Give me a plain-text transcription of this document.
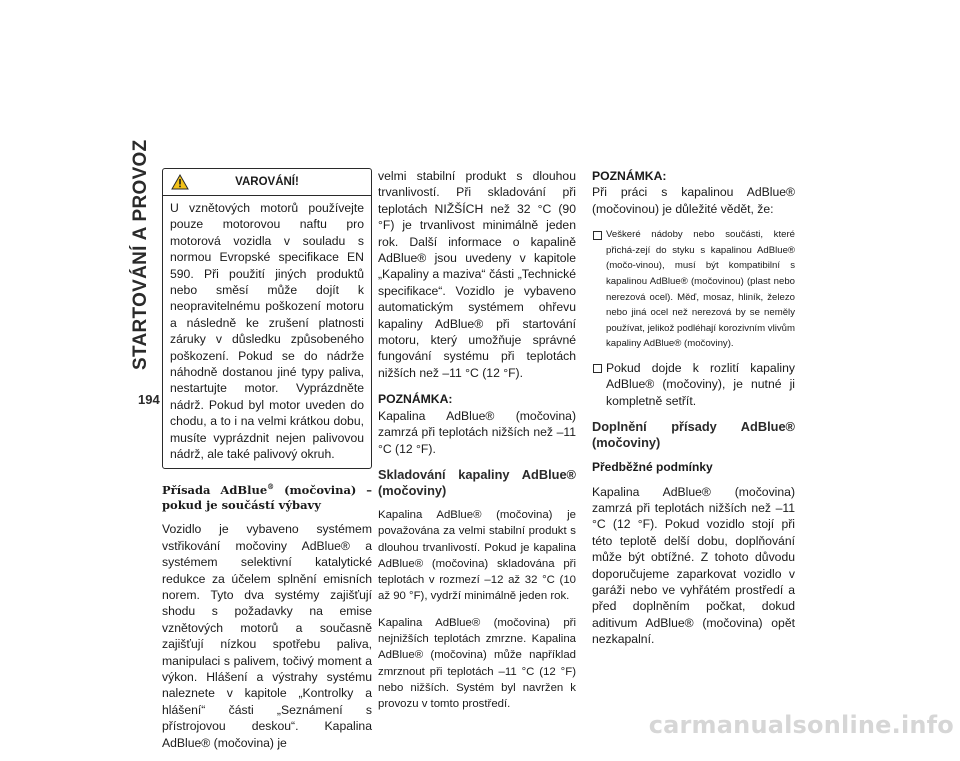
STARTOVÁNÍ A PROVOZ
194
VAROVÁNÍ!
U vznětových motorů používejte pouze motorovou naftu pro motorová vozidla v souladu s normou Evropské specifikace EN 590. Při použití jiných produktů nebo směsí může dojít k neopravitelnému poškození motoru a následně ke zrušení platnosti záruky v důsledku způsobeného poškození. Pokud se do nádrže náhodně dostanou jiné typy paliva, nestartujte motor. Vyprázdněte nádrž. Pokud byl motor uveden do chodu, a to i na velmi krátkou dobu, musíte vyprázdnit nejen palivovou nádrž, ale také palivový okruh.
Přísada AdBlue® (močovina) – pokud je součástí výbavy

Vozidlo je vybaveno systémem vstřikování močoviny AdBlue® a systémem selektivní katalytické redukce za účelem splnění emisních norem. Tyto dva systémy zajišťují shodu s požadavky na emise vznětových motorů a současně zajišťují nízkou spotřebu paliva, manipulaci s palivem, točivý moment a výkon. Hlášení a výstrahy systému naleznete v kapitole „Kontrolky a hlášení“ části „Seznámení s přístrojovou deskou“. Kapalina AdBlue® (močovina) je

velmi stabilní produkt s dlouhou trvanlivostí. Při skladování při teplotách NIŽŠÍCH než 32 °C (90 °F) je trvanlivost minimálně jeden rok. Další informace o kapalině AdBlue® jsou uvedeny v kapitole „Kapaliny a maziva“ části „Technické specifikace“. Vozidlo je vybaveno automatickým systémem ohřevu kapaliny AdBlue® při startování motoru, který umožňuje správné fungování systému při teplotách nižších než –11 °C (12 °F).

POZNÁMKA:

Kapalina AdBlue® (močovina) zamrzá při teplotách nižších než –11 °C (12 °F).

Skladování kapaliny AdBlue® (močoviny)

Kapalina AdBlue® (močovina) je považována za velmi stabilní produkt s dlouhou trvanlivostí. Pokud je kapalina AdBlue® (močovina) skladována při teplotách v rozmezí –12 až 32 °C (10 až 90 °F), vydrží minimálně jeden rok.

Kapalina AdBlue® (močovina) při nejnižších teplotách zmrzne. Kapalina AdBlue® (močovina) může například zmrznout při teplotách –11 °C (12 °F) nebo nižších. Systém byl navržen k provozu v tomto prostředí.

POZNÁMKA:

Při práci s kapalinou AdBlue® (močovinou) je důležité vědět, že:

Veškeré nádoby nebo součásti, které přichá-zejí do styku s kapalinou AdBlue® (močo-vinou), musí být kompatibilní s kapalinou AdBlue® (močovinou) (plast nebo nerezová ocel). Měď, mosaz, hliník, železo nebo jiná ocel než nerezová by se neměly používat, jelikož podléhají korozivním vlivům kapaliny AdBlue® (močoviny).
Pokud dojde k rozlití kapaliny AdBlue® (močoviny), je nutné ji kompletně setřít.
Doplnění přísady AdBlue® (močoviny)
Předběžné podmínky

Kapalina AdBlue® (močovina) zamrzá při teplotách nižších než –11 °C (12 °F). Pokud vozidlo stojí při této teplotě delší dobu, doplňování může být obtížné. Z tohoto důvodu doporučujeme zaparkovat vozidlo v garáži nebo ve vyhřátém prostředí a před doplněním počkat, dokud aditivum AdBlue® (močovina) opět nezkapalní.

carmanualsonline.info
